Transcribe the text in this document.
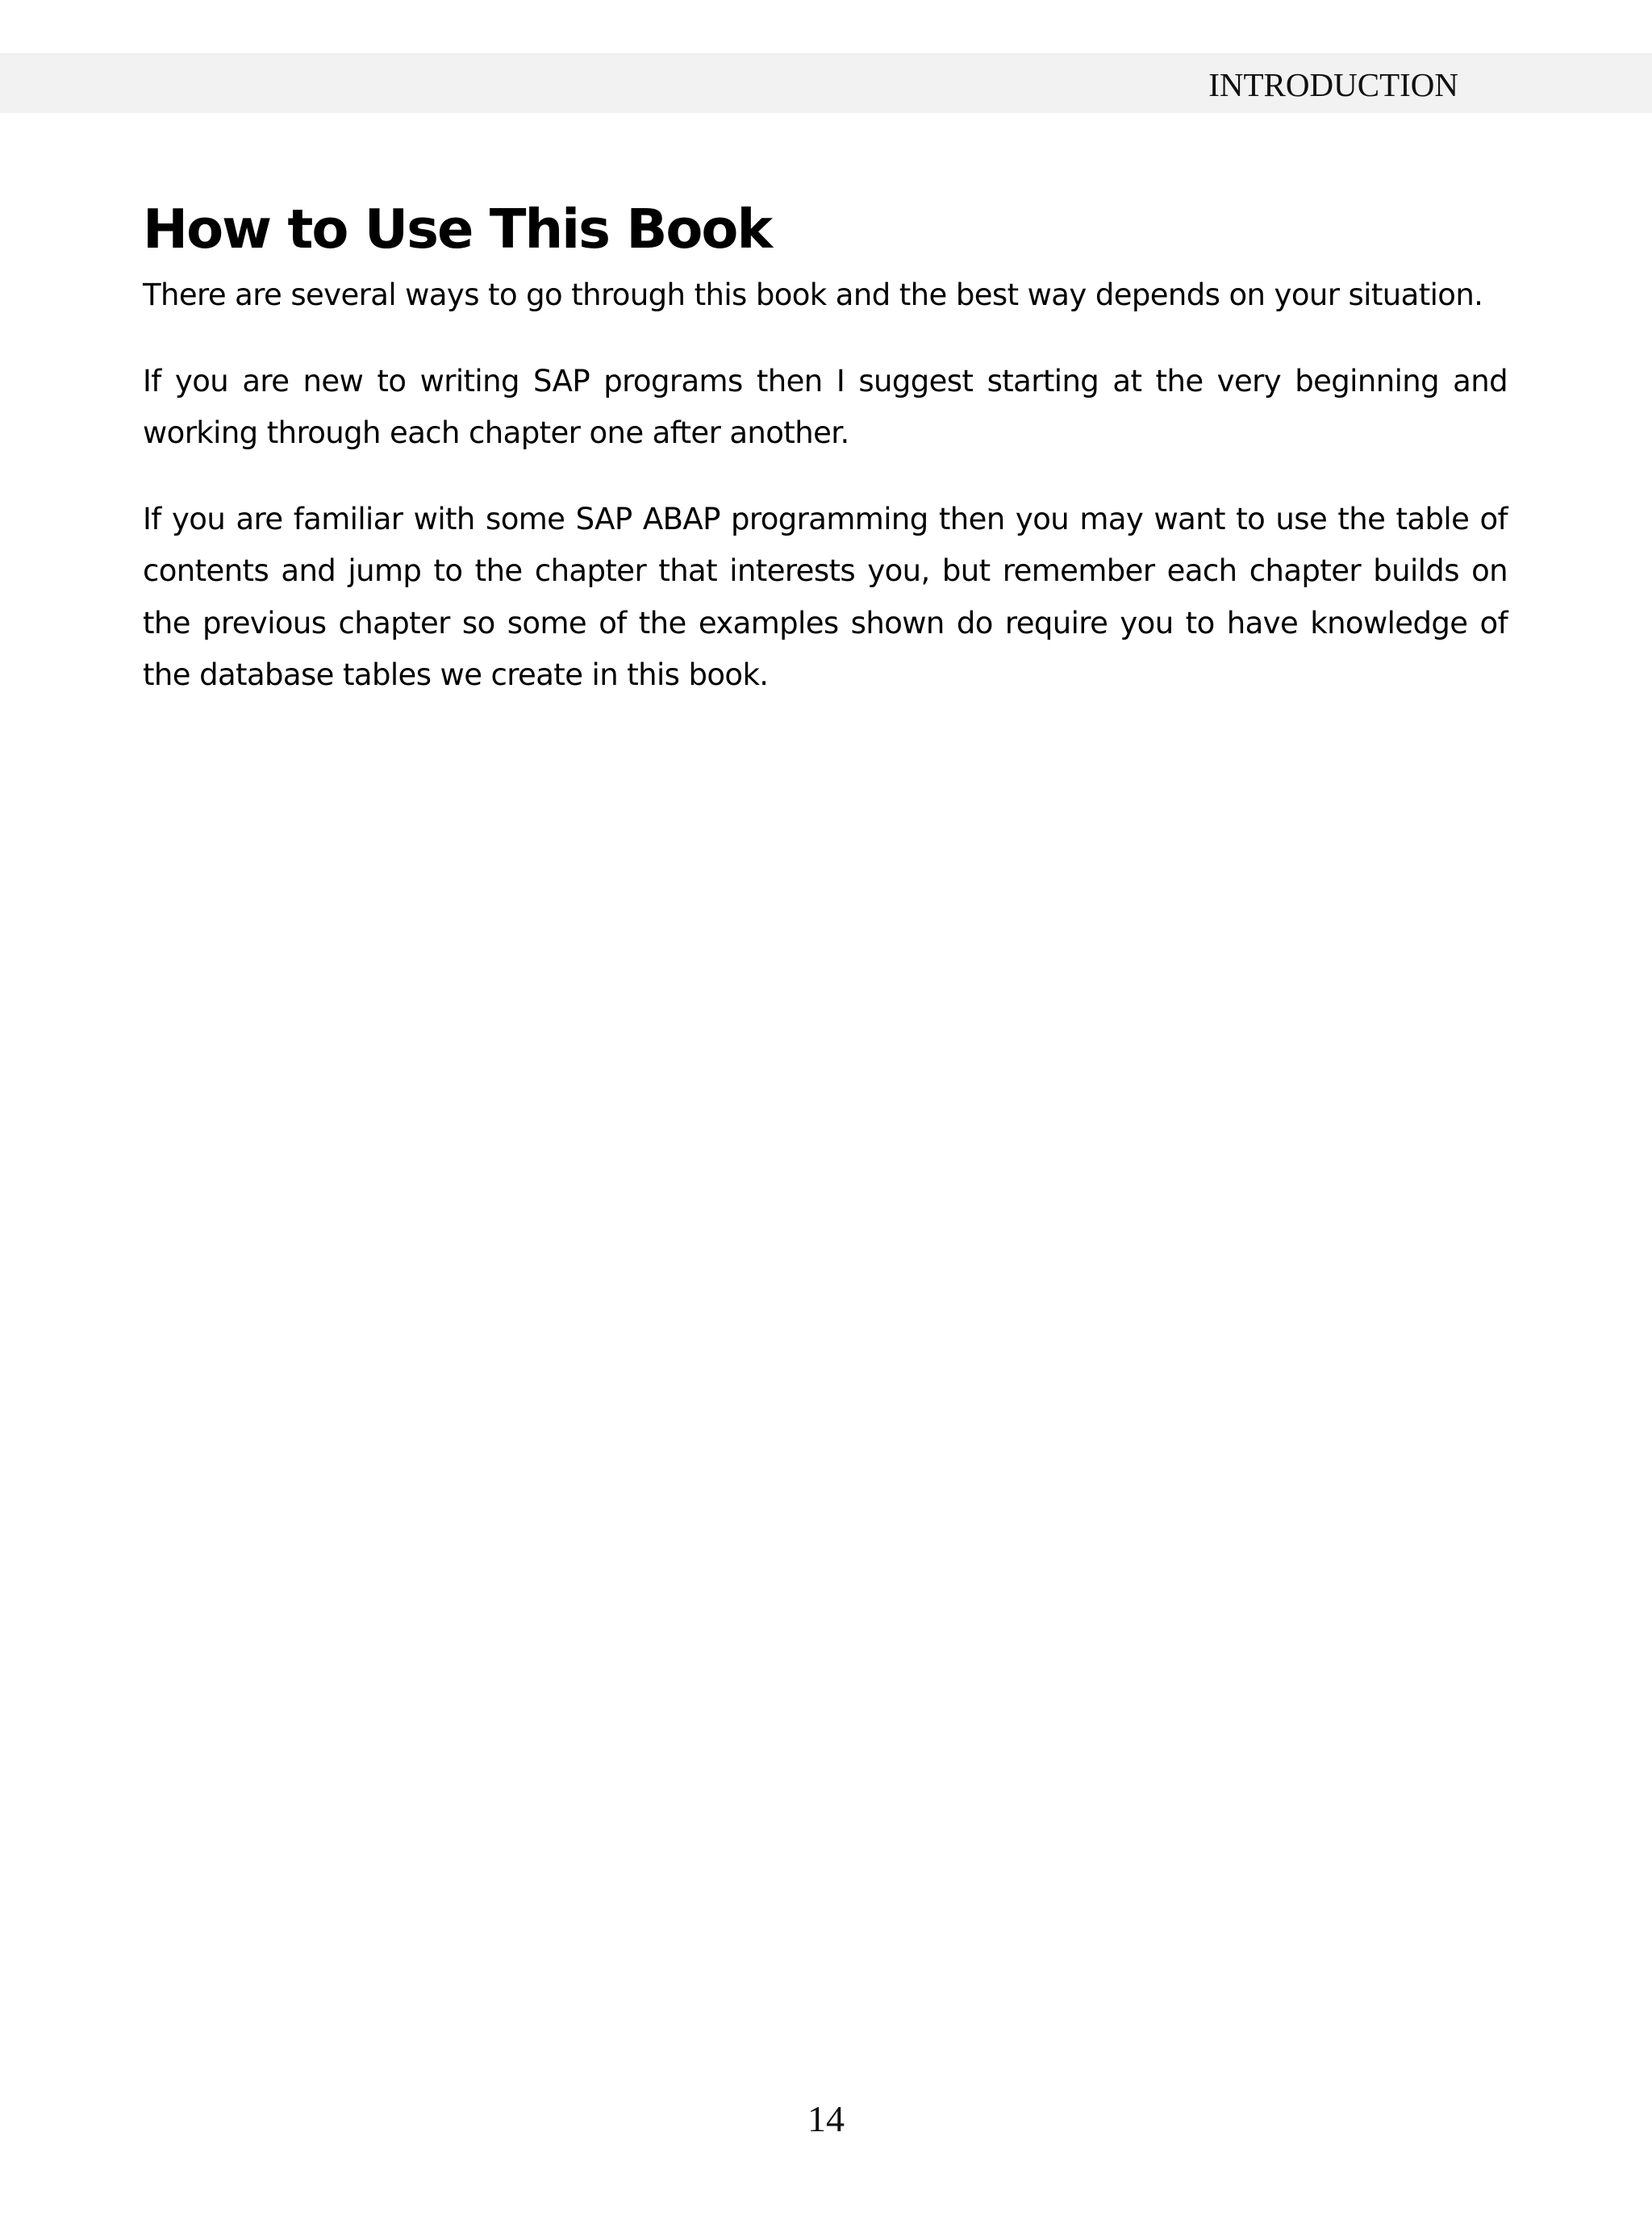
INTRODUCTION
How to Use This Book

There are several ways to go through this book and the best way depends on your situation.

If you are new to writing SAP programs then I suggest starting at the very beginning and working through each chapter one after another.

If you are familiar with some SAP ABAP programming then you may want to use the table of contents and jump to the chapter that interests you, but remember each chapter builds on the previous chapter so some of the examples shown do require you to have knowledge of the database tables we create in this book.

14
